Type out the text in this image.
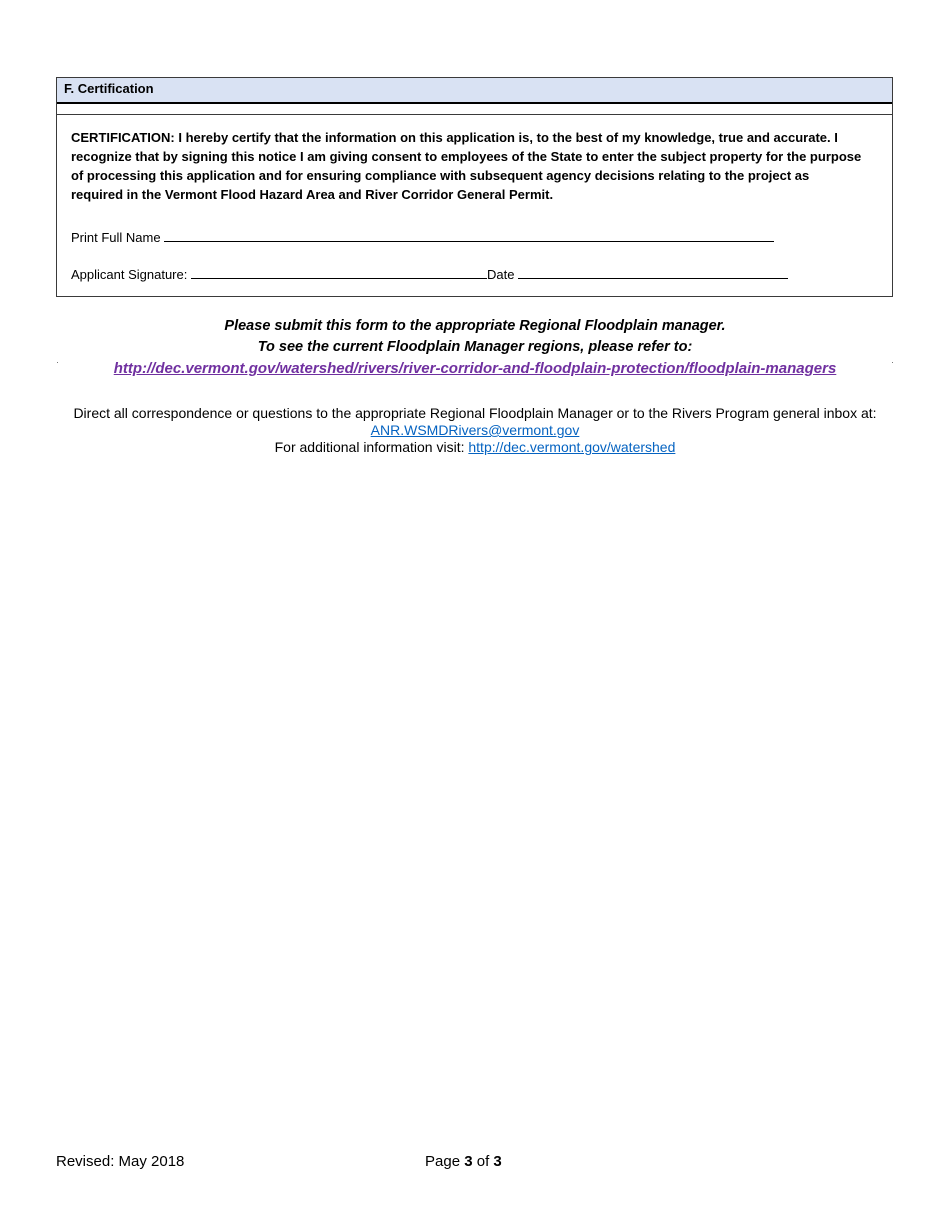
F. Certification

CERTIFICATION: I hereby certify that the information on this application is, to the best of my knowledge, true and accurate. I recognize that by signing this notice I am giving consent to employees of the State to enter the subject property for the purpose of processing this application and for ensuring compliance with subsequent agency decisions relating to the project as required in the Vermont Flood Hazard Area and River Corridor General Permit.

Print Full Name
Applicant Signature:	Date
Please submit this form to the appropriate Regional Floodplain manager.
To see the current Floodplain Manager regions, please refer to:
http://dec.vermont.gov/watershed/rivers/river-corridor-and-floodplain-protection/floodplain-managers
Direct all correspondence or questions to the appropriate Regional Floodplain Manager or to the Rivers Program general inbox at:
ANR.WSMDRivers@vermont.gov
For additional information visit: http://dec.vermont.gov/watershed
Revised: May 2018	Page 3 of 3
